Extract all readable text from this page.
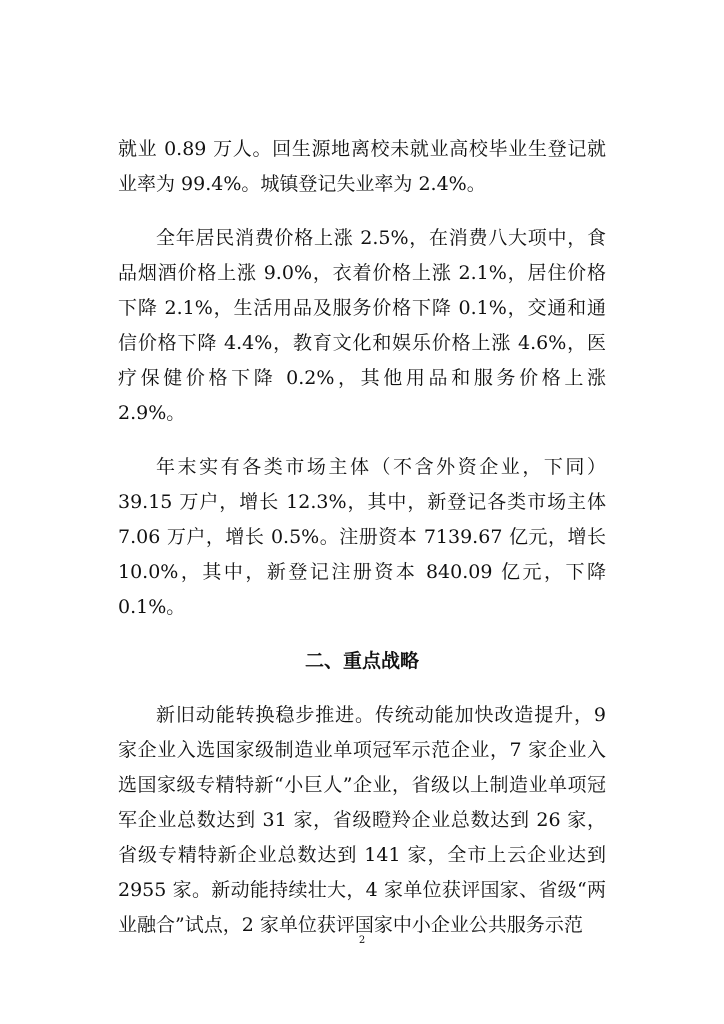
就业 0.89 万人。回生源地离校未就业高校毕业生登记就业率为 99.4%。城镇登记失业率为 2.4%。

全年居民消费价格上涨 2.5%，在消费八大项中，食品烟酒价格上涨 9.0%，衣着价格上涨 2.1%，居住价格下降 2.1%，生活用品及服务价格下降 0.1%，交通和通信价格下降 4.4%，教育文化和娱乐价格上涨 4.6%，医疗保健价格下降 0.2%，其他用品和服务价格上涨 2.9%。

年末实有各类市场主体（不含外资企业，下同）39.15 万户，增长 12.3%，其中，新登记各类市场主体 7.06 万户，增长 0.5%。注册资本 7139.67 亿元，增长 10.0%，其中，新登记注册资本 840.09 亿元，下降 0.1%。

二、重点战略

新旧动能转换稳步推进。传统动能加快改造提升，9 家企业入选国家级制造业单项冠军示范企业，7 家企业入选国家级专精特新“小巨人”企业，省级以上制造业单项冠军企业总数达到 31 家，省级瞪羚企业总数达到 26 家，省级专精特新企业总数达到 141 家，全市上云企业达到 2955 家。新动能持续壮大，4 家单位获评国家、省级“两业融合”试点，2 家单位获评国家中小企业公共服务示范

2
